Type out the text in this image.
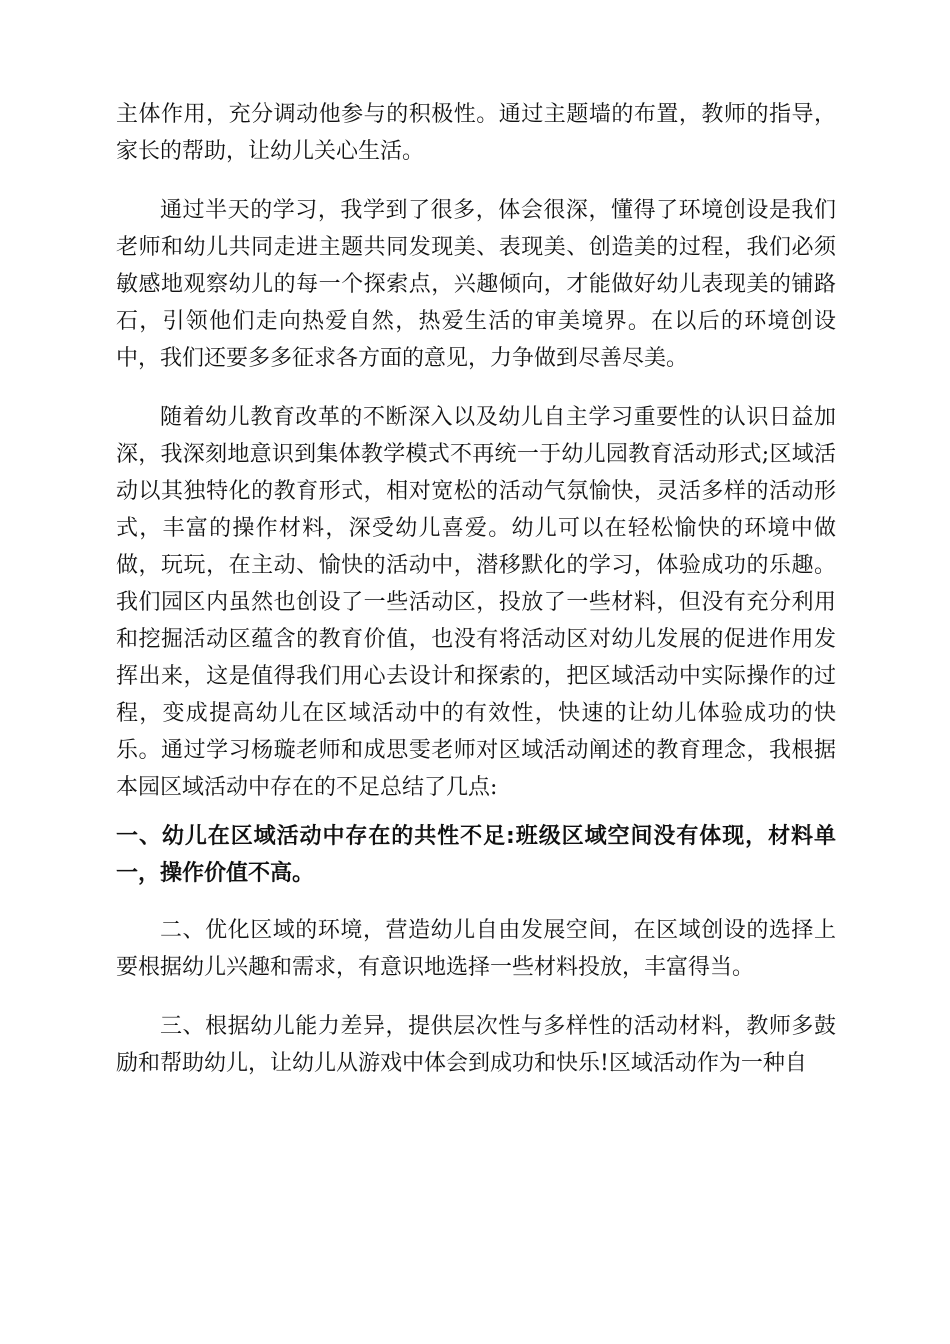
主体作用，充分调动他参与的积极性。通过主题墙的布置，教师的指导，家长的帮助，让幼儿关心生活。

通过半天的学习，我学到了很多，体会很深，懂得了环境创设是我们老师和幼儿共同走进主题共同发现美、表现美、创造美的过程，我们必须敏感地观察幼儿的每一个探索点，兴趣倾向，才能做好幼儿表现美的铺路石，引领他们走向热爱自然，热爱生活的审美境界。在以后的环境创设中，我们还要多多征求各方面的意见，力争做到尽善尽美。

随着幼儿教育改革的不断深入以及幼儿自主学习重要性的认识日益加深，我深刻地意识到集体教学模式不再统一于幼儿园教育活动形式;区域活动以其独特化的教育形式，相对宽松的活动气氛愉快，灵活多样的活动形式，丰富的操作材料，深受幼儿喜爱。幼儿可以在轻松愉快的环境中做做，玩玩，在主动、愉快的活动中，潜移默化的学习，体验成功的乐趣。我们园区内虽然也创设了一些活动区，投放了一些材料，但没有充分利用和挖掘活动区蕴含的教育价值，也没有将活动区对幼儿发展的促进作用发挥出来，这是值得我们用心去设计和探索的，把区域活动中实际操作的过程，变成提高幼儿在区域活动中的有效性，快速的让幼儿体验成功的快乐。通过学习杨璇老师和成思雯老师对区域活动阐述的教育理念，我根据本园区域活动中存在的不足总结了几点:

一、幼儿在区域活动中存在的共性不足:班级区域空间没有体现，材料单一，操作价值不高。

二、优化区域的环境，营造幼儿自由发展空间，在区域创设的选择上要根据幼儿兴趣和需求，有意识地选择一些材料投放，丰富得当。

三、根据幼儿能力差异，提供层次性与多样性的活动材料，教师多鼓励和帮助幼儿，让幼儿从游戏中体会到成功和快乐!区域活动作为一种自
